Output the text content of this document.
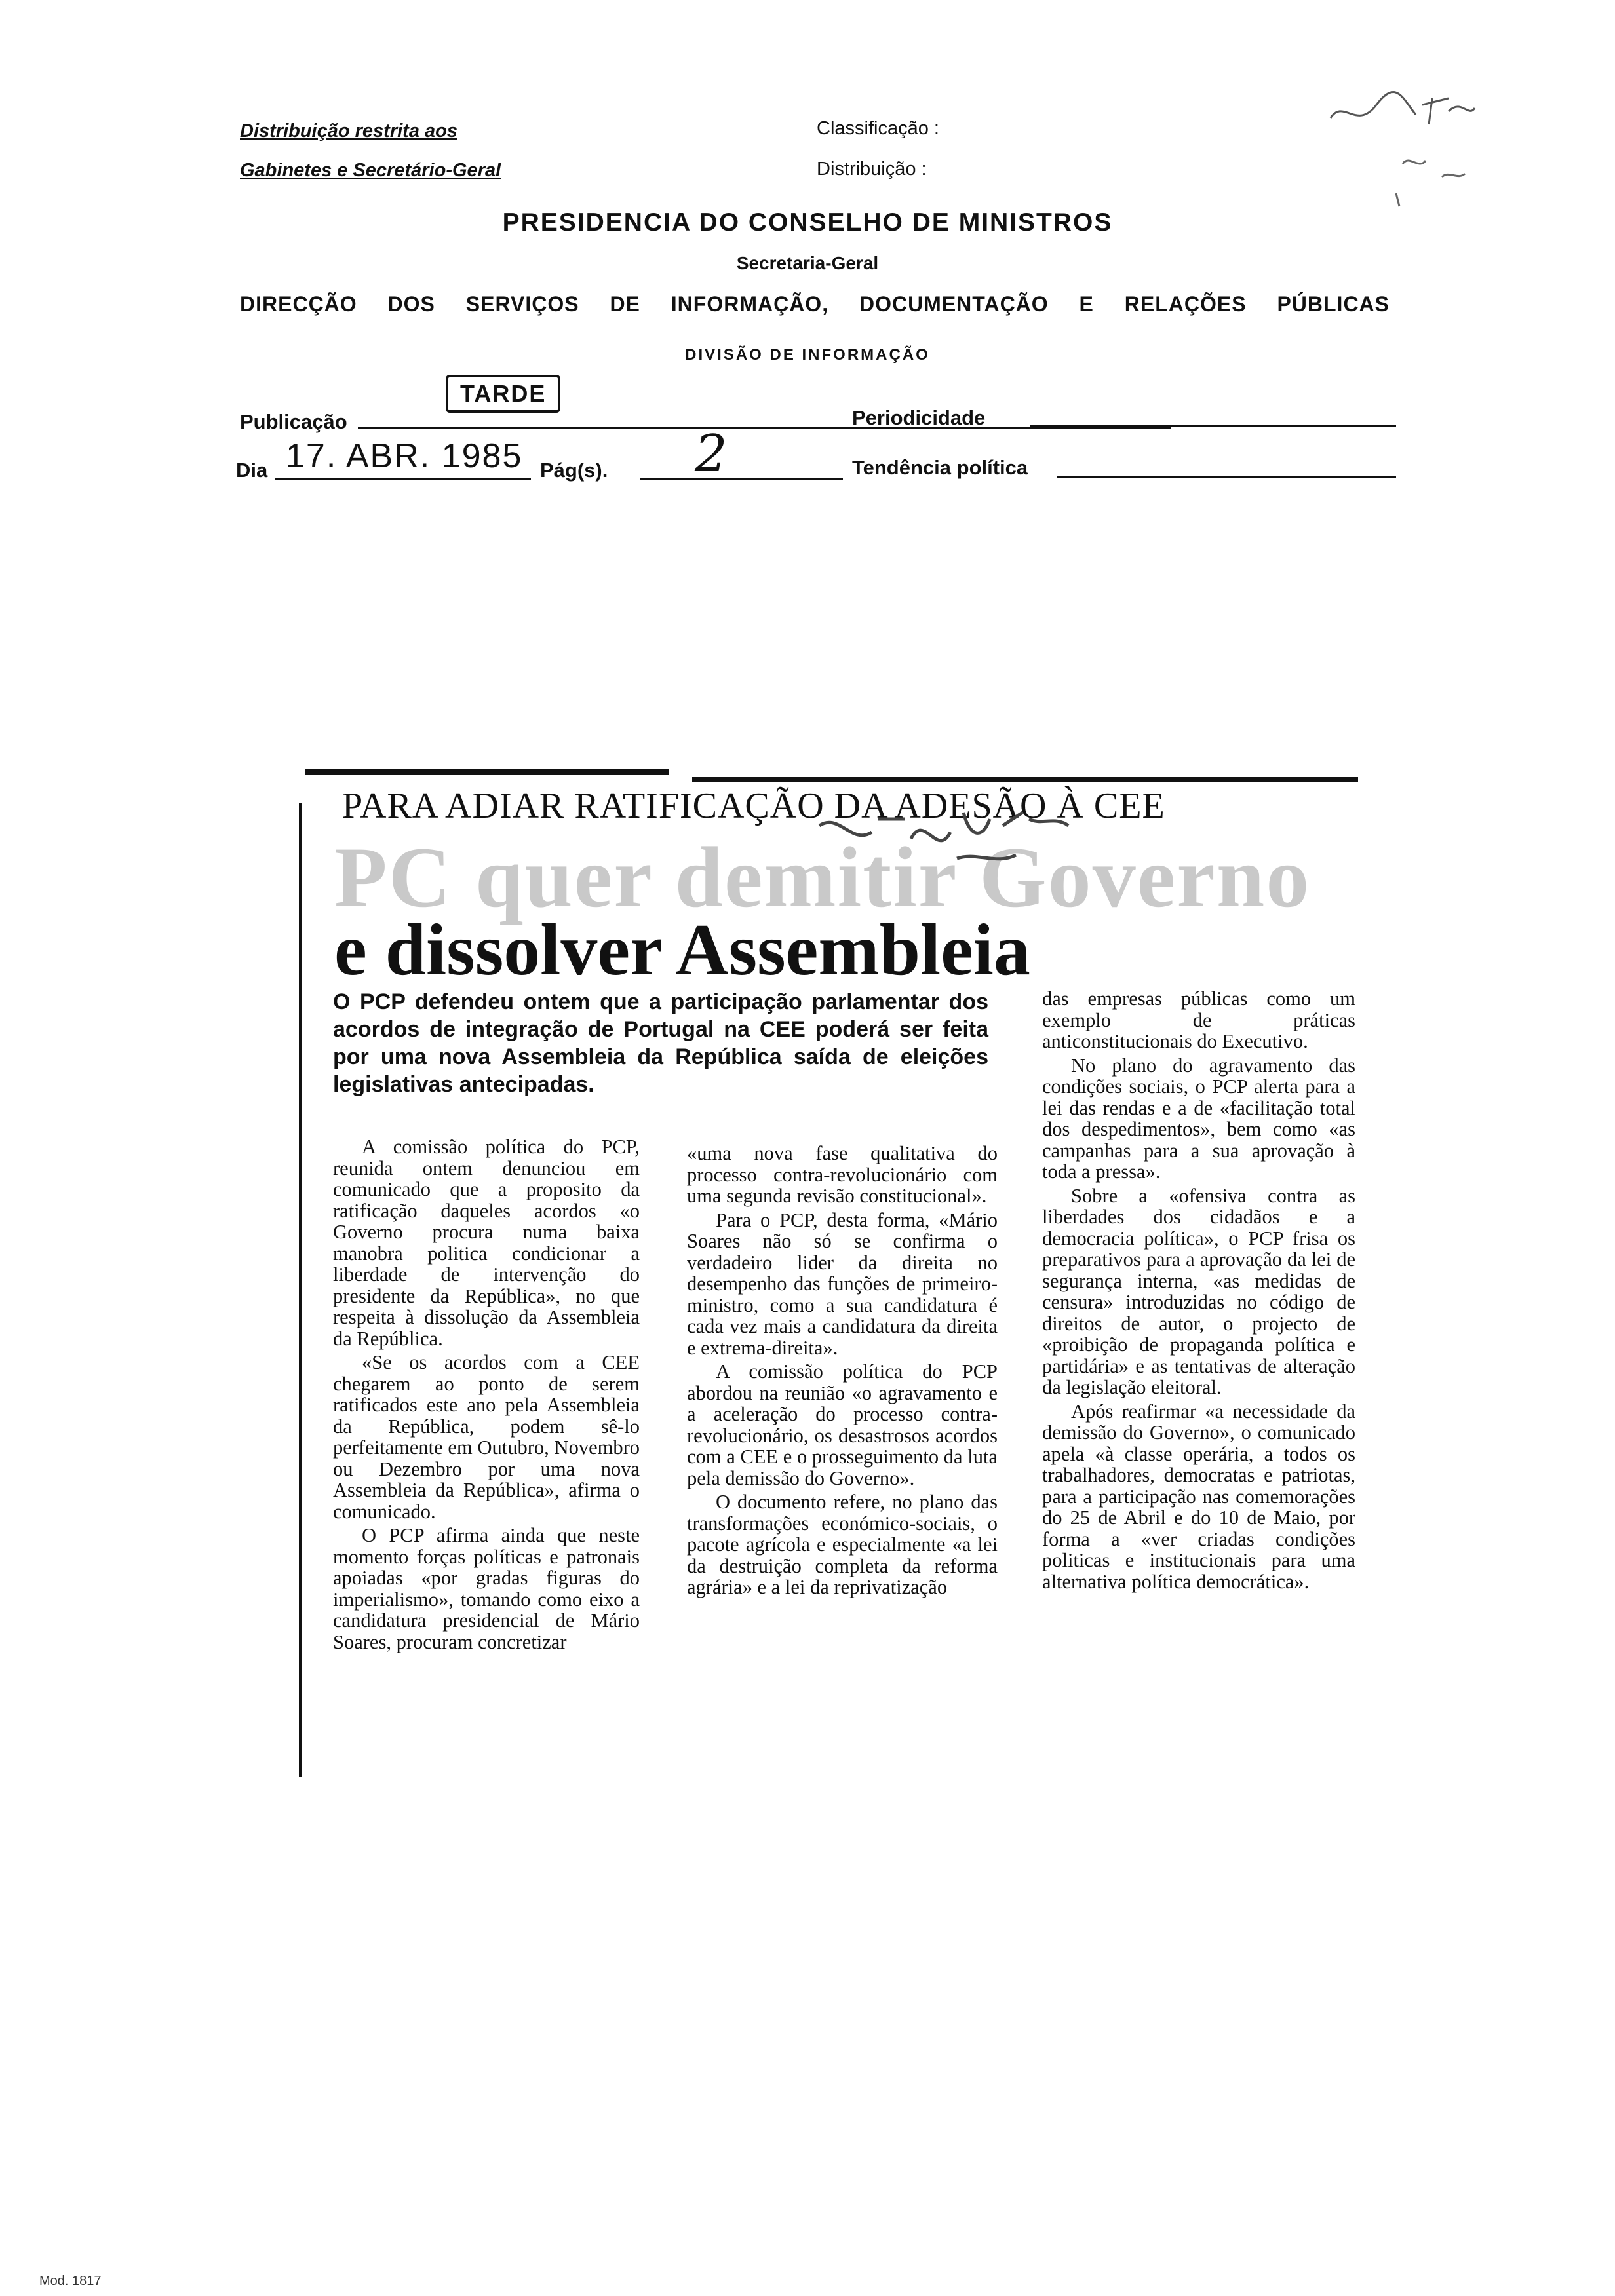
Distribuição restrita aos
Gabinetes e Secretário-Geral
Classificação :
Distribuição :
PRESIDENCIA DO CONSELHO DE MINISTROS
Secretaria-Geral
DIRECÇÃO DOS SERVIÇOS DE INFORMAÇÃO, DOCUMENTAÇÃO E RELAÇÕES PÚBLICAS
DIVISÃO DE INFORMAÇÃO
Publicação
TARDE
Periodicidade
Dia 17. ABR. 1985 Pág(s). 2	Tendência política
PARA ADIAR RATIFICAÇÃO DA ADESÃO À CEE
PC quer demitir Governo
e dissolver Assembleia
O PCP defendeu ontem que a participação parlamentar dos acordos de integração de Portugal na CEE poderá ser feita por uma nova Assembleia da República saída de eleições legislativas antecipadas.

A comissão política do PCP, reunida ontem denunciou em comunicado que a proposito da ratificação daqueles acordos «o Governo procura numa baixa manobra politica condicionar a liberdade de intervenção do presidente da República», no que respeita à dissolução da Assembleia da República.

«Se os acordos com a CEE chegarem ao ponto de serem ratificados este ano pela Assembleia da República, podem sê-lo perfeitamente em Outubro, Novembro ou Dezembro por uma nova Assembleia da República», afirma o comunicado.

O PCP afirma ainda que neste momento forças políticas e patronais apoiadas «por gradas figuras do imperialismo», tomando como eixo a candidatura presidencial de Mário Soares, procuram concretizar

«uma nova fase qualitativa do processo contra-revolucionário com uma segunda revisão constitucional».

Para o PCP, desta forma, «Mário Soares não só se confirma o verdadeiro lider da direita no desempenho das funções de primeiro-ministro, como a sua candidatura é cada vez mais a candidatura da direita e extrema-direita».

A comissão política do PCP abordou na reunião «o agravamento e a aceleração do processo contra-revolucionário, os desastrosos acordos com a CEE e o prosseguimento da luta pela demissão do Governo».

O documento refere, no plano das transformações económico-sociais, o pacote agrícola e especialmente «a lei da destruição completa da reforma agrária» e a lei da reprivatização

das empresas públicas como um exemplo de práticas anticonstitucionais do Executivo.

No plano do agravamento das condições sociais, o PCP alerta para a lei das rendas e a de «facilitação total dos despedimentos», bem como «as campanhas para a sua aprovação à toda a pressa».

Sobre a «ofensiva contra as liberdades dos cidadãos e a democracia política», o PCP frisa os preparativos para a aprovação da lei de segurança interna, «as medidas de censura» introduzidas no código de direitos de autor, o projecto de «proibição de propaganda política e partidária» e as tentativas de alteração da legislação eleitoral.

Após reafirmar «a necessidade da demissão do Governo», o comunicado apela «à classe operária, a todos os trabalhadores, democratas e patriotas, para a participação nas comemorações do 25 de Abril e do 10 de Maio, por forma a «ver criadas condições politicas e institucionais para uma alternativa política democrática».

Mod. 1817
